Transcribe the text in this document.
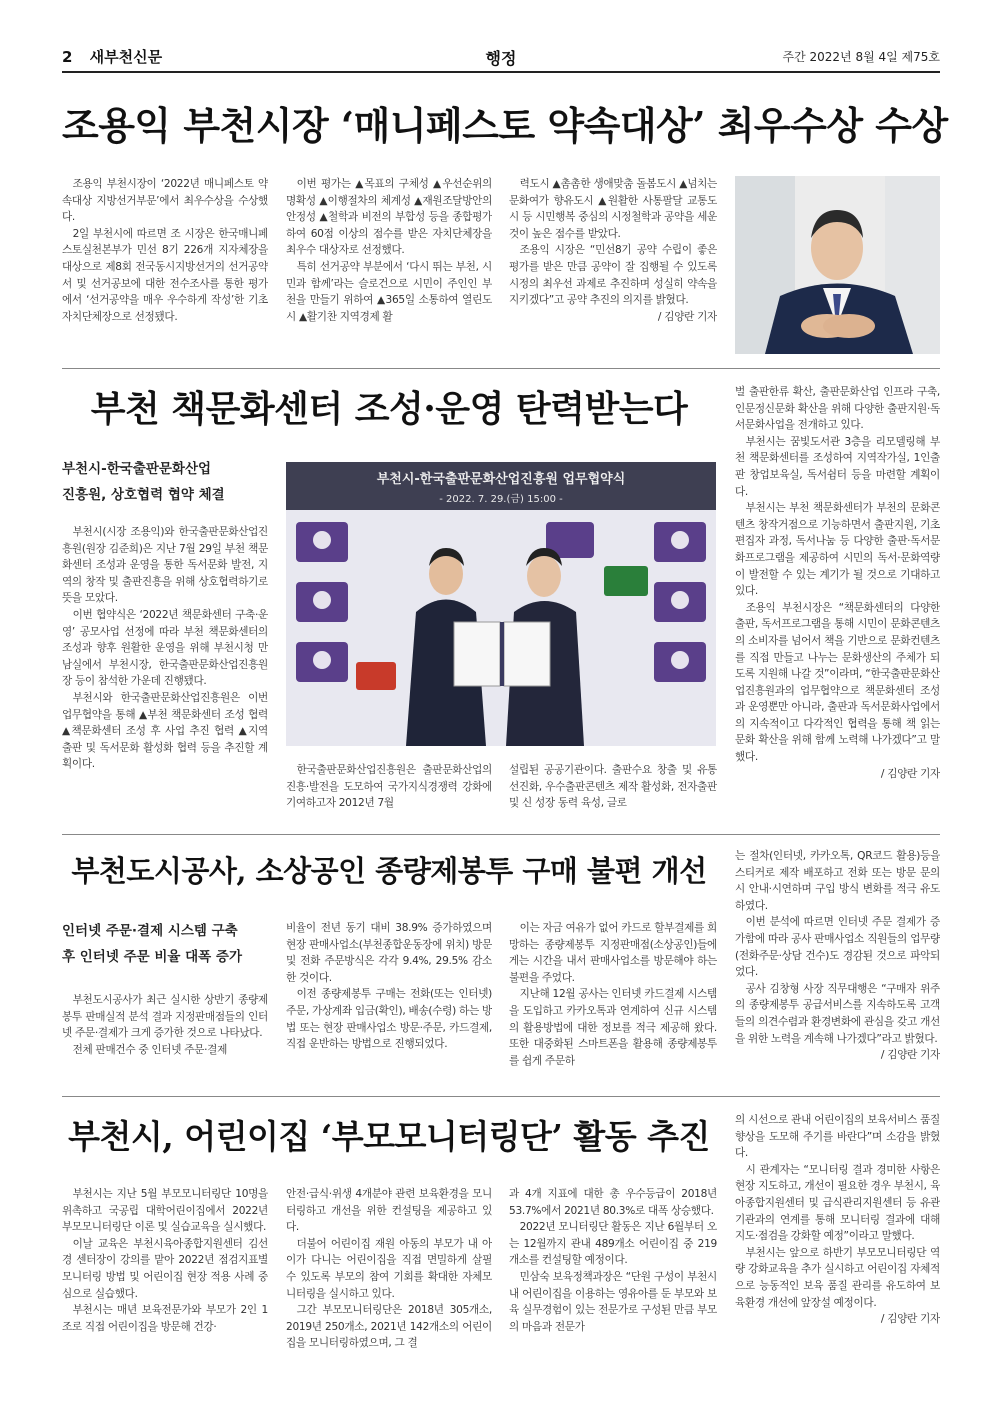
2 새부천신문	행정	주간 2022년 8월 4일 제75호
조용익 부천시장 ‘매니페스토 약속대상’ 최우수상 수상

조용익 부천시장이 ‘2022년 매니페스토 약속대상 지방선거부문’에서 최우수상을 수상했다.

2일 부천시에 따르면 조 시장은 한국매니페스토실천본부가 민선 8기 226개 지자체장을 대상으로 제8회 전국동시지방선거의 선거공약서 및 선거공보에 대한 전수조사를 통한 평가에서 ‘선거공약을 매우 우수하게 작성’한 기초자치단체장으로 선정됐다.

이번 평가는 ▲목표의 구체성 ▲우선순위의 명확성 ▲이행절차의 체계성 ▲재원조달방안의 안정성 ▲철학과 비전의 부합성 등을 종합평가하여 60점 이상의 점수를 받은 자치단체장을 최우수 대상자로 선정했다.

특히 선거공약 부분에서 ‘다시 뛰는 부천, 시민과 함께’라는 슬로건으로 시민이 주인인 부천을 만들기 위하여 ▲365일 소통하여 열린도시 ▲활기찬 지역경제 활

력도시 ▲촘촘한 생애맞춤 돌봄도시 ▲넘치는 문화여가 향유도시 ▲원활한 사통팔달 교통도시 등 시민행복 중심의 시정철학과 공약을 세운 것이 높은 점수를 받았다.

조용익 시장은 “민선8기 공약 수립이 좋은 평가를 받은 만큼 공약이 잘 집행될 수 있도록 시정의 최우선 과제로 추진하며 성실히 약속을 지키겠다”고 공약 추진의 의지를 밝혔다.

/ 김양란 기자
부천 책문화센터 조성·운영 탄력받는다
부천시-한국출판문화산업
진흥원, 상호협력 협약 체결

부천시(시장 조용익)와 한국출판문화산업진흥원(원장 김준희)은 지난 7월 29일 부천 책문화센터 조성과 운영을 통한 독서문화 발전, 지역의 창작 및 출판진흥을 위해 상호협력하기로 뜻을 모았다.

이번 협약식은 ‘2022년 책문화센터 구축·운영’ 공모사업 선정에 따라 부천 책문화센터의 조성과 향후 원활한 운영을 위해 부천시청 만남실에서 부천시장, 한국출판문화산업진흥원장 등이 참석한 가운데 진행됐다.

부천시와 한국출판문화산업진흥원은 이번 업무협약을 통해 ▲부천 책문화센터 조성 협력 ▲책문화센터 조성 후 사업 추진 협력 ▲지역 출판 및 독서문화 활성화 협력 등을 추진할 계획이다.

부천시-한국출판문화산업진흥원 업무협약식
- 2022. 7. 29.(금) 15:00 -

한국출판문화산업진흥원은 출판문화산업의 진흥·발전을 도모하여 국가지식경쟁력 강화에 기여하고자 2012년 7월

설립된 공공기관이다. 출판수요 창출 및 유통 선진화, 우수출판콘텐츠 제작 활성화, 전자출판 및 신 성장 동력 육성, 글로

벌 출판한류 확산, 출판문화산업 인프라 구축, 인문정신문화 확산을 위해 다양한 출판지원·독서문화사업을 전개하고 있다.

부천시는 꿈빛도서관 3층을 리모델링해 부천 책문화센터를 조성하여 지역작가실, 1인출판 창업보육실, 독서쉼터 등을 마련할 계획이다.

부천시는 부천 책문화센터가 부천의 문화콘텐츠 창작거점으로 기능하면서 출판지원, 기초편집자 과정, 독서나눔 등 다양한 출판·독서문화프로그램을 제공하여 시민의 독서·문화역량이 발전할 수 있는 계기가 될 것으로 기대하고 있다.

조용익 부천시장은 “책문화센터의 다양한 출판, 독서프로그램을 통해 시민이 문화콘텐츠의 소비자를 넘어서 책을 기반으로 문화컨텐츠를 직접 만들고 나누는 문화생산의 주체가 되도록 지원해 나갈 것”이라며, “한국출판문화산업진흥원과의 업무협약으로 책문화센터 조성과 운영뿐만 아니라, 출판과 독서문화사업에서의 지속적이고 다각적인 협력을 통해 책 읽는 문화 확산을 위해 함께 노력해 나가겠다”고 말했다.

/ 김양란 기자
부천도시공사, 소상공인 종량제봉투 구매 불편 개선
인터넷 주문·결제 시스템 구축
후 인터넷 주문 비율 대폭 증가

부천도시공사가 최근 실시한 상반기 종량제봉투 판매실적 분석 결과 지정판매점들의 인터넷 주문·결제가 크게 증가한 것으로 나타났다.

전체 판매건수 중 인터넷 주문·결제

비율이 전년 동기 대비 38.9% 증가하였으며 현장 판매사업소(부천종합운동장에 위치) 방문 및 전화 주문방식은 각각 9.4%, 29.5% 감소한 것이다.

이전 종량제봉투 구매는 전화(또는 인터넷) 주문, 가상계좌 입금(확인), 배송(수령) 하는 방법 또는 현장 판매사업소 방문·주문, 카드결제, 직접 운반하는 방법으로 진행되었다.

이는 자금 여유가 없어 카드로 할부결제를 희망하는 종량제봉투 지정판매점(소상공인)들에게는 시간을 내서 판매사업소를 방문해야 하는 불편을 주었다.

지난해 12월 공사는 인터넷 카드결제 시스템을 도입하고 카카오톡과 연계하여 신규 시스템의 활용방법에 대한 정보를 적극 제공해 왔다. 또한 대중화된 스마트폰을 활용해 종량제봉투를 쉽게 주문하

는 절차(인터넷, 카카오톡, QR코드 활용)등을 스티커로 제작 배포하고 전화 또는 방문 문의 시 안내·시연하며 구입 방식 변화를 적극 유도하였다.

이번 분석에 따르면 인터넷 주문 결제가 증가함에 따라 공사 판매사업소 직원들의 업무량(전화주문·상담 건수)도 경감된 것으로 파악되었다.

공사 김창형 사장 직무대행은 “구매자 위주의 종량제봉투 공급서비스를 지속하도록 고객들의 의견수렴과 환경변화에 관심을 갖고 개선을 위한 노력을 계속해 나가겠다”라고 밝혔다.

/ 김양란 기자
부천시, 어린이집 ‘부모모니터링단’ 활동 추진

부천시는 지난 5월 부모모니터링단 10명을 위촉하고 국공립 대학어린이집에서 2022년 부모모니터링단 이론 및 실습교육을 실시했다.

이날 교육은 부천시육아종합지원센터 김선경 센터장이 강의를 맡아 2022년 점검지표별 모니터링 방법 및 어린이집 현장 적용 사례 중심으로 실습했다.

부천시는 매년 보육전문가와 부모가 2인 1조로 직접 어린이집을 방문해 건강·

안전·급식·위생 4개분야 관련 보육환경을 모니터링하고 개선을 위한 컨설팅을 제공하고 있다.

더불어 어린이집 재원 아동의 부모가 내 아이가 다니는 어린이집을 직접 면밀하게 살필 수 있도록 부모의 참여 기회를 확대한 자체모니터링을 실시하고 있다.

그간 부모모니터링단은 2018년 305개소, 2019년 250개소, 2021년 142개소의 어린이집을 모니터링하였으며, 그 결

과 4개 지표에 대한 총 우수등급이 2018년 53.7%에서 2021년 80.3%로 대폭 상승했다.

2022년 모니터링단 활동은 지난 6월부터 오는 12월까지 관내 489개소 어린이집 중 219개소를 컨설팅할 예정이다.

민삼숙 보육정책과장은 “단원 구성이 부천시 내 어린이집을 이용하는 영유아를 둔 부모와 보육 실무경험이 있는 전문가로 구성된 만큼 부모의 마음과 전문가

의 시선으로 관내 어린이집의 보육서비스 품질 향상을 도모해 주기를 바란다”며 소감을 밝혔다.

시 관계자는 “모니터링 결과 경미한 사항은 현장 지도하고, 개선이 필요한 경우 부천시, 육아종합지원센터 및 급식관리지원센터 등 유관기관과의 연계를 통해 모니터링 결과에 대해 지도·점검을 강화할 예정”이라고 말했다.

부천시는 앞으로 하반기 부모모니터링단 역량 강화교육을 추가 실시하고 어린이집 자체적으로 능동적인 보육 품질 관리를 유도하여 보육환경 개선에 앞장설 예정이다.

/ 김양란 기자
